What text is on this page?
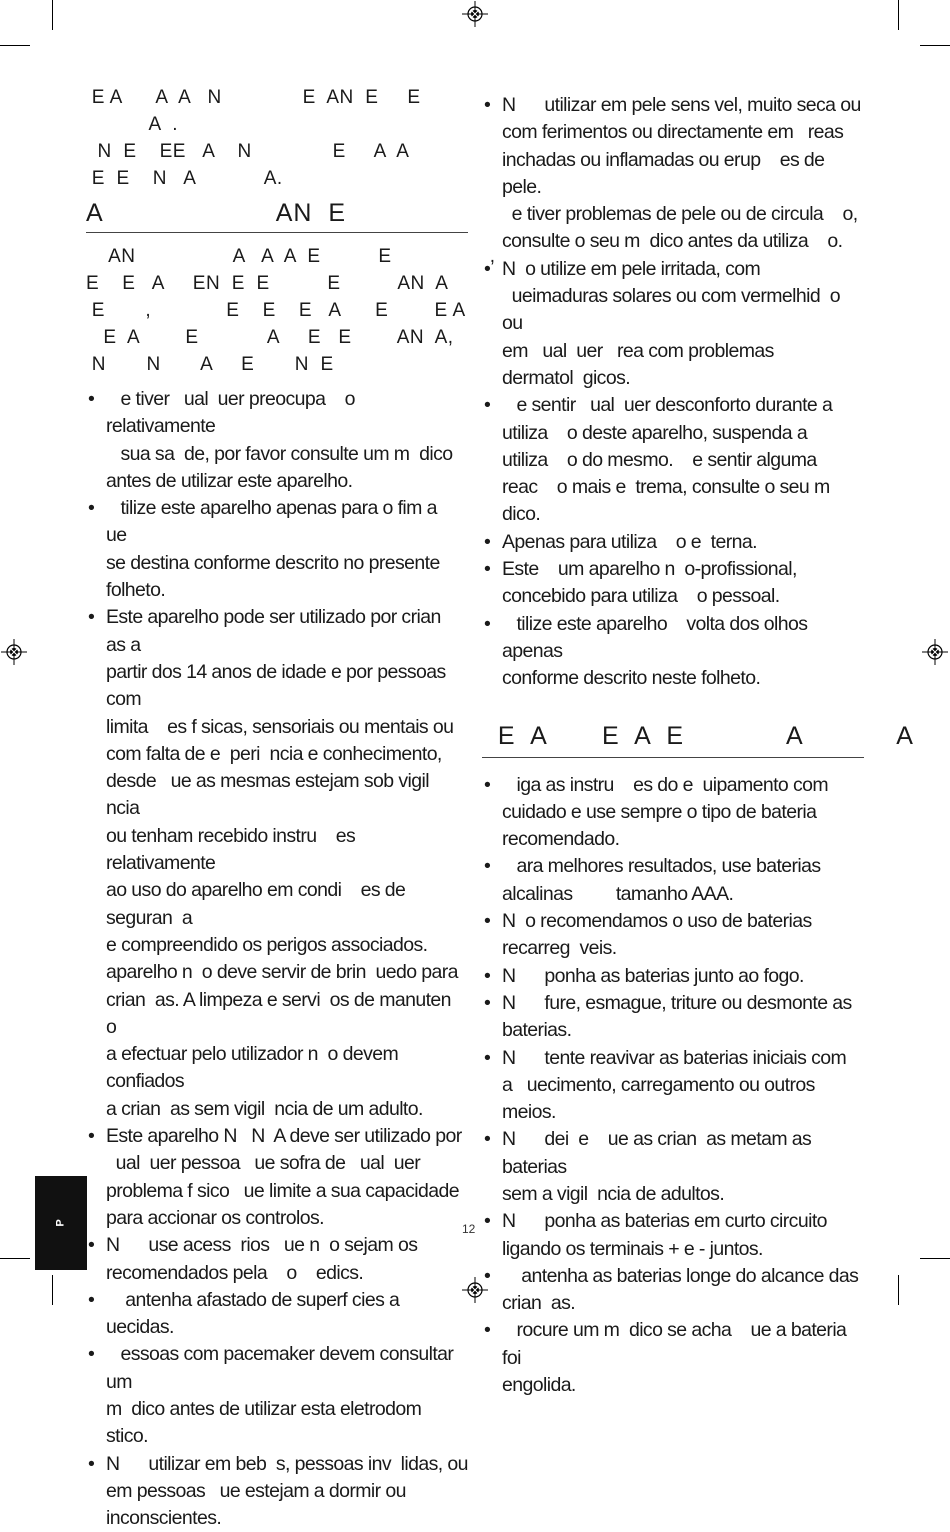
E A      A  A   N              E  AN  E     E

A  .

N  E    EE   A    N              E     A  A

E  E    N   A            A.

A                      AN  E

AN                 A   A  A  E          E                 ,

E    E   A     EN  E  E          E          AN  A

E       ,             E    E    E   A      E        E A

E  A        E            A     E   E        AN  A,

N       N       A     E       N  E

•    e tiver   ual  uer preocupa    o relativamente
sua sa  de, por favor consulte um m  dico
antes de utilizar este aparelho.
•    tilize este aparelho apenas para o fim a   ue
se destina conforme descrito no presente
folheto.
• Este aparelho pode ser utilizado por crian  as a
partir dos 14 anos de idade e por pessoas com
limita    es f sicas, sensoriais ou mentais ou
com falta de e  peri  ncia e conhecimento,
desde   ue as mesmas estejam sob vigil  ncia
ou tenham recebido instru    es relativamente
ao uso do aparelho em condi    es de seguran  a
e compreendido os perigos associados.
aparelho n  o deve servir de brin  uedo para
crian  as. A limpeza e servi  os de manuten    o
a efectuar pelo utilizador n  o devem confiados
a crian  as sem vigil  ncia de um adulto.
• Este aparelho N   N  A deve ser utilizado por
ual  uer pessoa   ue sofra de   ual  uer
problema f sico   ue limite a sua capacidade
para accionar os controlos.
• N      use acess  rios   ue n  o sejam os
recomendados pela    o    edics.
•     antenha afastado de superf cies a   uecidas.
•    essoas com pacemaker devem consultar um
m  dico antes de utilizar esta eletrodom  stico.
• N      utilizar em beb  s, pessoas inv  lidas, ou
em pessoas   ue estejam a dormir ou
inconscientes.
• N      utilizar em pele sens vel, muito seca ou
com ferimentos ou directamente em   reas
inchadas ou inflamadas ou erup    es de pele.
e tiver problemas de pele ou de circula    o,
consulte o seu m  dico antes da utiliza    o.
• N  o utilize em pele irritada, com
ueimaduras solares ou com vermelhid  o ou
em   ual  uer   rea com problemas
dermatol  gicos.
•    e sentir   ual  uer desconforto durante a
utiliza    o deste aparelho, suspenda a
utiliza    o do mesmo.    e sentir alguma
reac    o mais e  trema, consulte o seu m  dico.
• Apenas para utiliza    o e  terna.
• Este    um aparelho n  o-profissional,
concebido para utiliza    o pessoal.
•    tilize este aparelho    volta dos olhos apenas
conforme descrito neste folheto.
E  A       E  A  E             A            A
•    iga as instru    es do e  uipamento com
cuidado e use sempre o tipo de bateria
recomendado.
•    ara melhores resultados, use baterias
alcalinas         tamanho AAA.
• N  o recomendamos o uso de baterias
recarreg  veis.
• N      ponha as baterias junto ao fogo.
• N      fure, esmague, triture ou desmonte as
baterias.
• N      tente reavivar as baterias iniciais com
a   uecimento, carregamento ou outros meios.
• N      dei  e    ue as crian  as metam as baterias
sem a vigil  ncia de adultos.
• N      ponha as baterias em curto circuito
ligando os terminais + e - juntos.
•     antenha as baterias longe do alcance das
crian  as.
•    rocure um m  dico se acha    ue a bateria foi
engolida.
P	12
